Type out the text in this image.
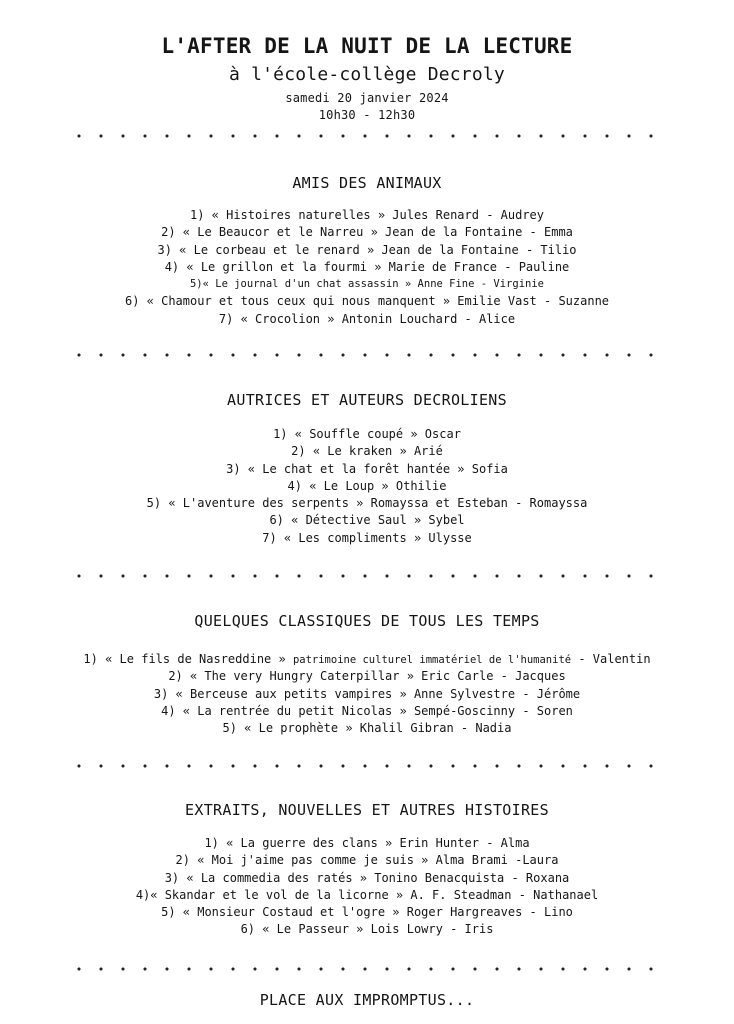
L'AFTER DE LA NUIT DE LA LECTURE
à l'école-collège Decroly
samedi 20 janvier 2024
10h30 - 12h30
AMIS DES ANIMAUX
1) « Histoires naturelles » Jules Renard - Audrey
2) « Le Beaucor et le Narreu » Jean de la Fontaine - Emma
3) « Le corbeau et le renard » Jean de la Fontaine - Tilio
4) « Le grillon et la fourmi » Marie de France - Pauline
5)« Le journal d'un chat assassin » Anne Fine - Virginie
6) « Chamour et tous ceux qui nous manquent » Emilie Vast - Suzanne
7) « Crocolion » Antonin Louchard - Alice
AUTRICES ET AUTEURS DECROLIENS
1) « Souffle coupé » Oscar
2) « Le kraken » Arié
3) « Le chat et la forêt hantée » Sofia
4) « Le Loup » Othilie
5) « L'aventure des serpents » Romayssa et Esteban - Romayssa
6) « Détective Saul » Sybel
7) « Les compliments » Ulysse
QUELQUES CLASSIQUES DE TOUS LES TEMPS
1) « Le fils de Nasreddine » patrimoine culturel immatériel de l'humanité - Valentin
2) « The very Hungry Caterpillar » Eric Carle - Jacques
3) « Berceuse aux petits vampires » Anne Sylvestre - Jérôme
4) « La rentrée du petit Nicolas » Sempé-Goscinny - Soren
5) « Le prophète » Khalil Gibran - Nadia
EXTRAITS, NOUVELLES ET AUTRES HISTOIRES
1) « La guerre des clans » Erin Hunter - Alma
2) « Moi j'aime pas comme je suis » Alma Brami -Laura
3) « La commedia des ratés » Tonino Benacquista - Roxana
4)« Skandar et le vol de la licorne » A. F. Steadman - Nathanael
5) « Monsieur Costaud et l'ogre » Roger Hargreaves - Lino
6) « Le Passeur » Lois Lowry - Iris
PLACE AUX IMPROMPTUS...
